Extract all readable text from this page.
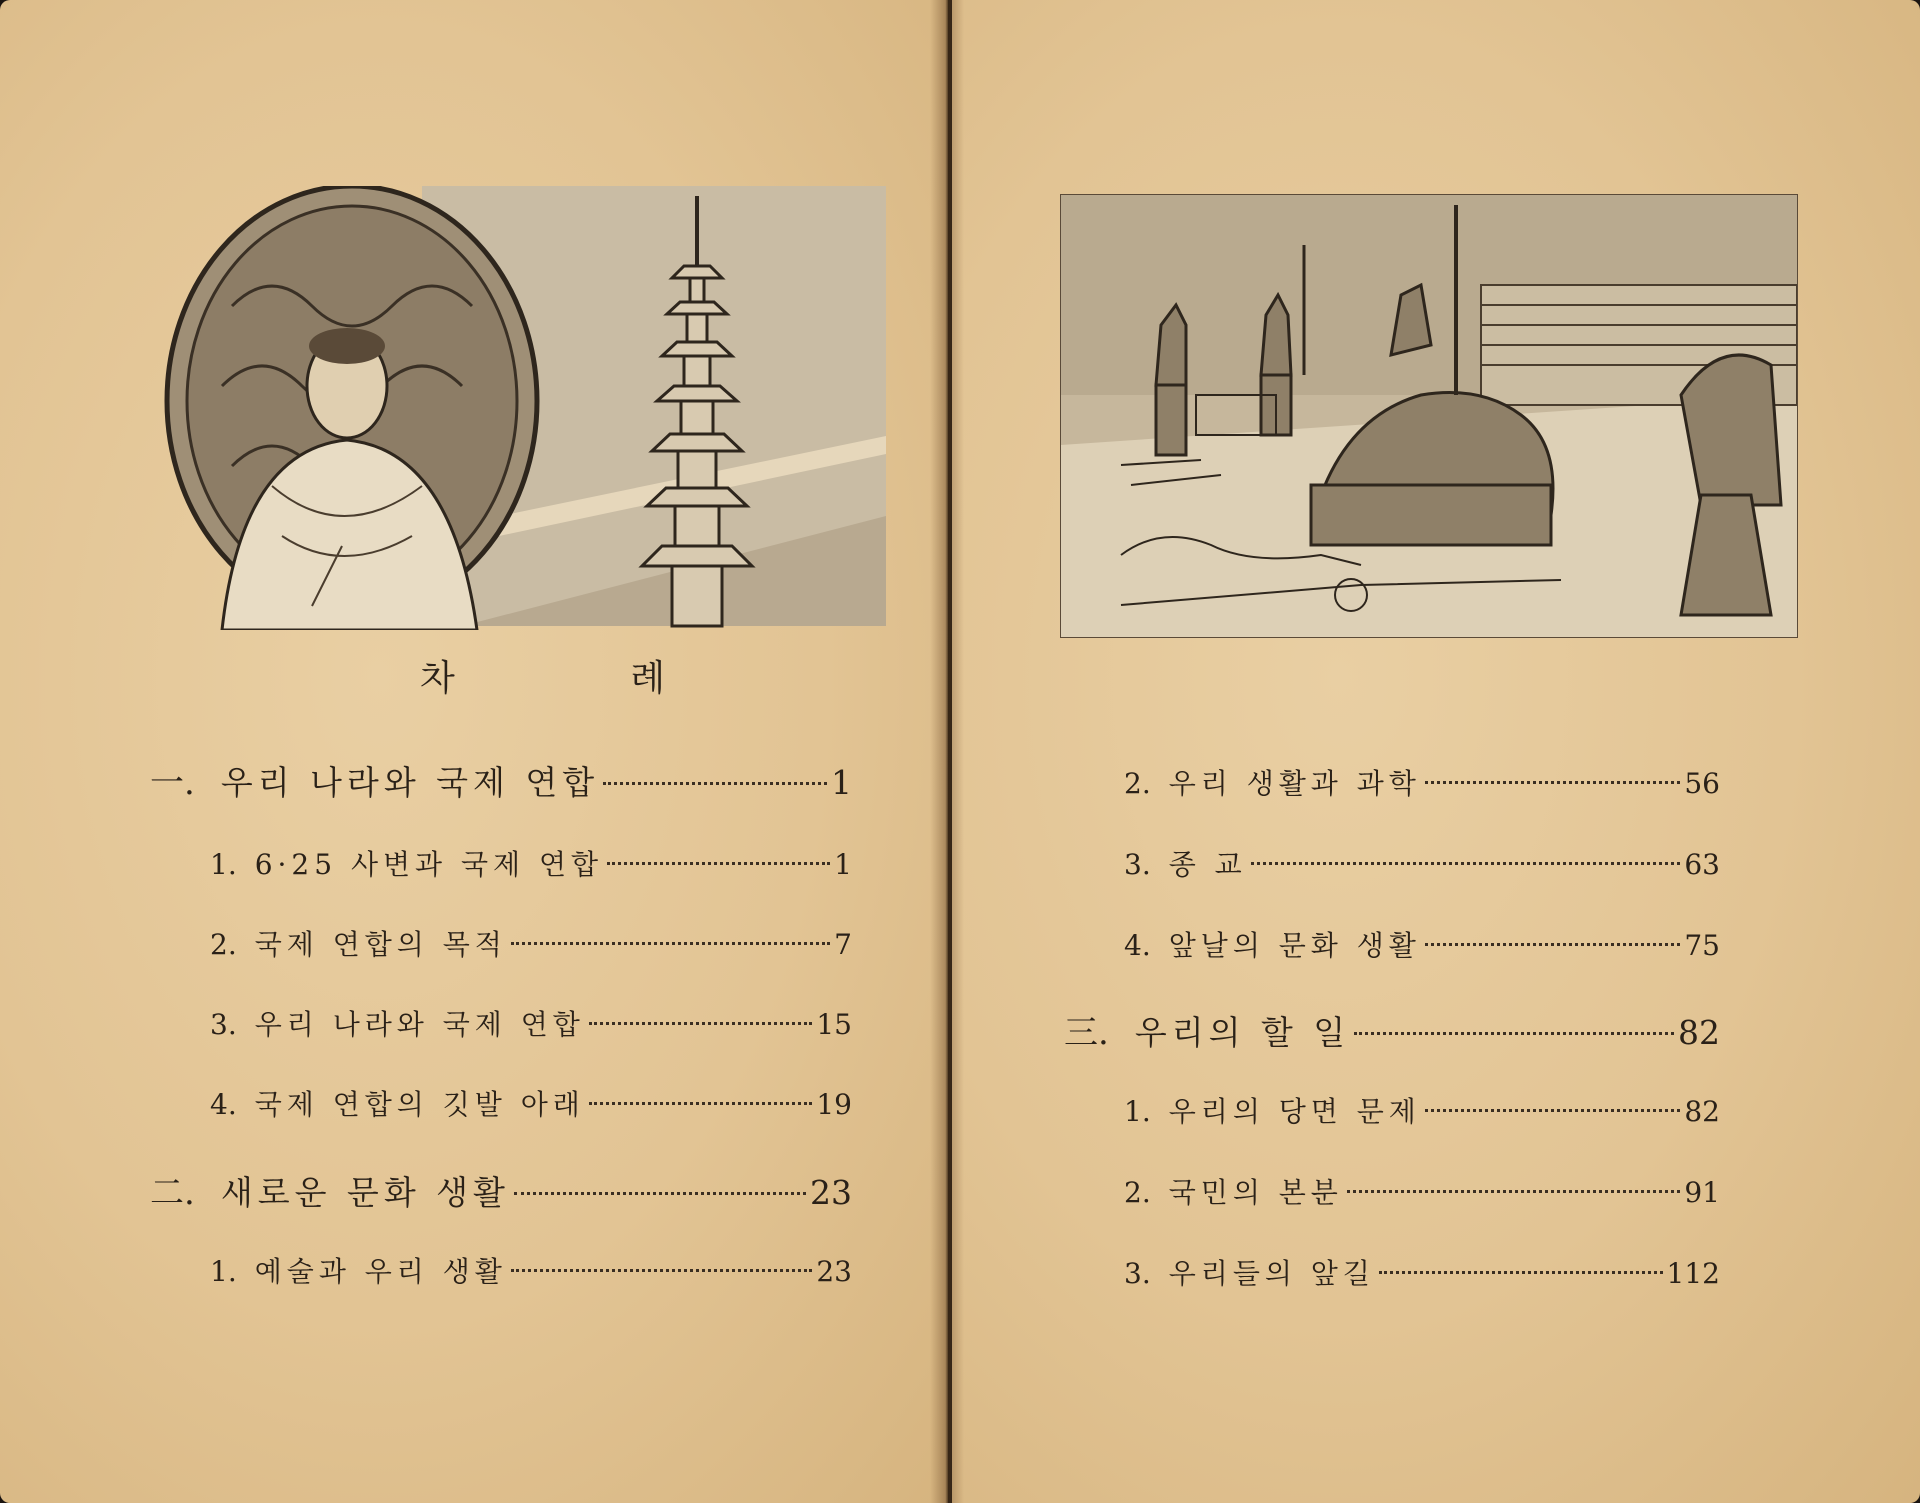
차 례
一. 우리 나라와 국제 연합	1
1. 6·25 사변과 국제 연합	1
2. 국제 연합의 목적	7
3. 우리 나라와 국제 연합	15
4. 국제 연합의 깃발 아래	19
二. 새로운 문화 생활	23
1. 예술과 우리 생활	23
2. 우리 생활과 과학	56
3. 종 교	63
4. 앞날의 문화 생활	75
三. 우리의 할 일	82
1. 우리의 당면 문제	82
2. 국민의 본분	91
3. 우리들의 앞길	112
